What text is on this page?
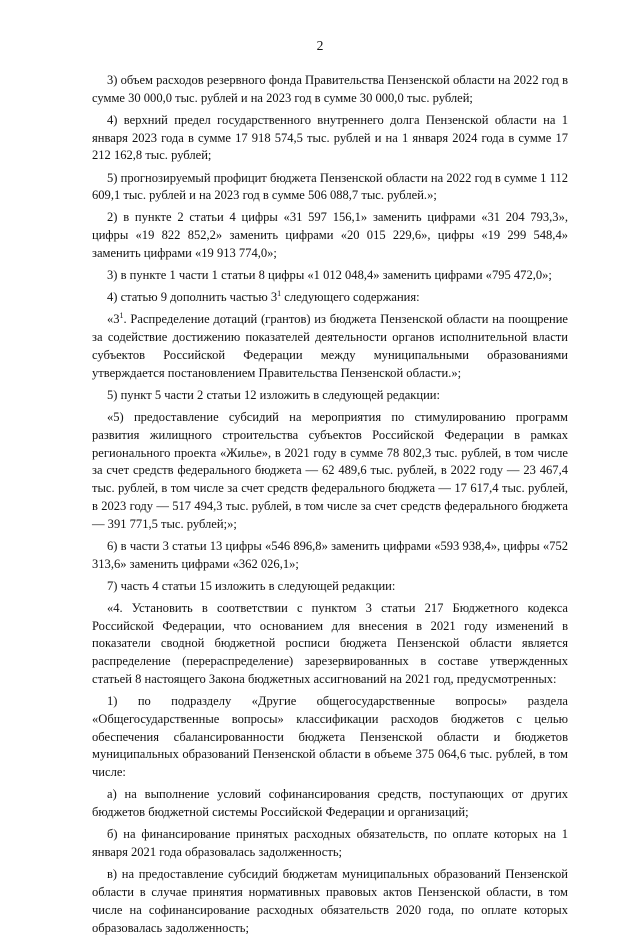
2

3) объем расходов резервного фонда Правительства Пензенской области на 2022 год в сумме 30 000,0 тыс. рублей и на 2023 год в сумме 30 000,0 тыс. рублей;

4) верхний предел государственного внутреннего долга Пензенской области на 1 января 2023 года в сумме 17 918 574,5 тыс. рублей и на 1 января 2024 года в сумме 17 212 162,8 тыс. рублей;

5) прогнозируемый профицит бюджета Пензенской области на 2022 год в сумме 1 112 609,1 тыс. рублей и на 2023 год в сумме 506 088,7 тыс. рублей.»;

2) в пункте 2 статьи 4 цифры «31 597 156,1» заменить цифрами «31 204 793,3», цифры «19 822 852,2» заменить цифрами «20 015 229,6», цифры «19 299 548,4» заменить цифрами «19 913 774,0»;

3) в пункте 1 части 1 статьи 8 цифры «1 012 048,4» заменить цифрами «795 472,0»;

4) статью 9 дополнить частью $3^1$ следующего содержания:

«$3^1$. Распределение дотаций (грантов) из бюджета Пензенской области на поощрение за содействие достижению показателей деятельности органов исполнительной власти субъектов Российской Федерации между муниципальными образованиями утверждается постановлением Правительства Пензенской области.»;

5) пункт 5 части 2 статьи 12 изложить в следующей редакции:

«5) предоставление субсидий на мероприятия по стимулированию программ развития жилищного строительства субъектов Российской Федерации в рамках регионального проекта «Жилье», в 2021 году в сумме 78 802,3 тыс. рублей, в том числе за счет средств федерального бюджета — 62 489,6 тыс. рублей, в 2022 году — 23 467,4 тыс. рублей, в том числе за счет средств федерального бюджета — 17 617,4 тыс. рублей, в 2023 году — 517 494,3 тыс. рублей, в том числе за счет средств федерального бюджета — 391 771,5 тыс. рублей;»;

6) в части 3 статьи 13 цифры «546 896,8» заменить цифрами «593 938,4», цифры «752 313,6» заменить цифрами «362 026,1»;

7) часть 4 статьи 15 изложить в следующей редакции:

«4. Установить в соответствии с пунктом 3 статьи 217 Бюджетного кодекса Российской Федерации, что основанием для внесения в 2021 году изменений в показатели сводной бюджетной росписи бюджета Пензенской области является распределение (перераспределение) зарезервированных в составе утвержденных статьей 8 настоящего Закона бюджетных ассигнований на 2021 год, предусмотренных:

1) по подразделу «Другие общегосударственные вопросы» раздела «Общегосударственные вопросы» классификации расходов бюджетов с целью обеспечения сбалансированности бюджета Пензенской области и бюджетов муниципальных образований Пензенской области в объеме 375 064,6 тыс. рублей, в том числе:

а) на выполнение условий софинансирования средств, поступающих от других бюджетов бюджетной системы Российской Федерации и организаций;

б) на финансирование принятых расходных обязательств, по оплате которых на 1 января 2021 года образовалась задолженность;

в) на предоставление субсидий бюджетам муниципальных образований Пензенской области в случае принятия нормативных правовых актов Пензенской области, в том числе на софинансирование расходных обязательств 2020 года, по оплате которых образовалась задолженность;
